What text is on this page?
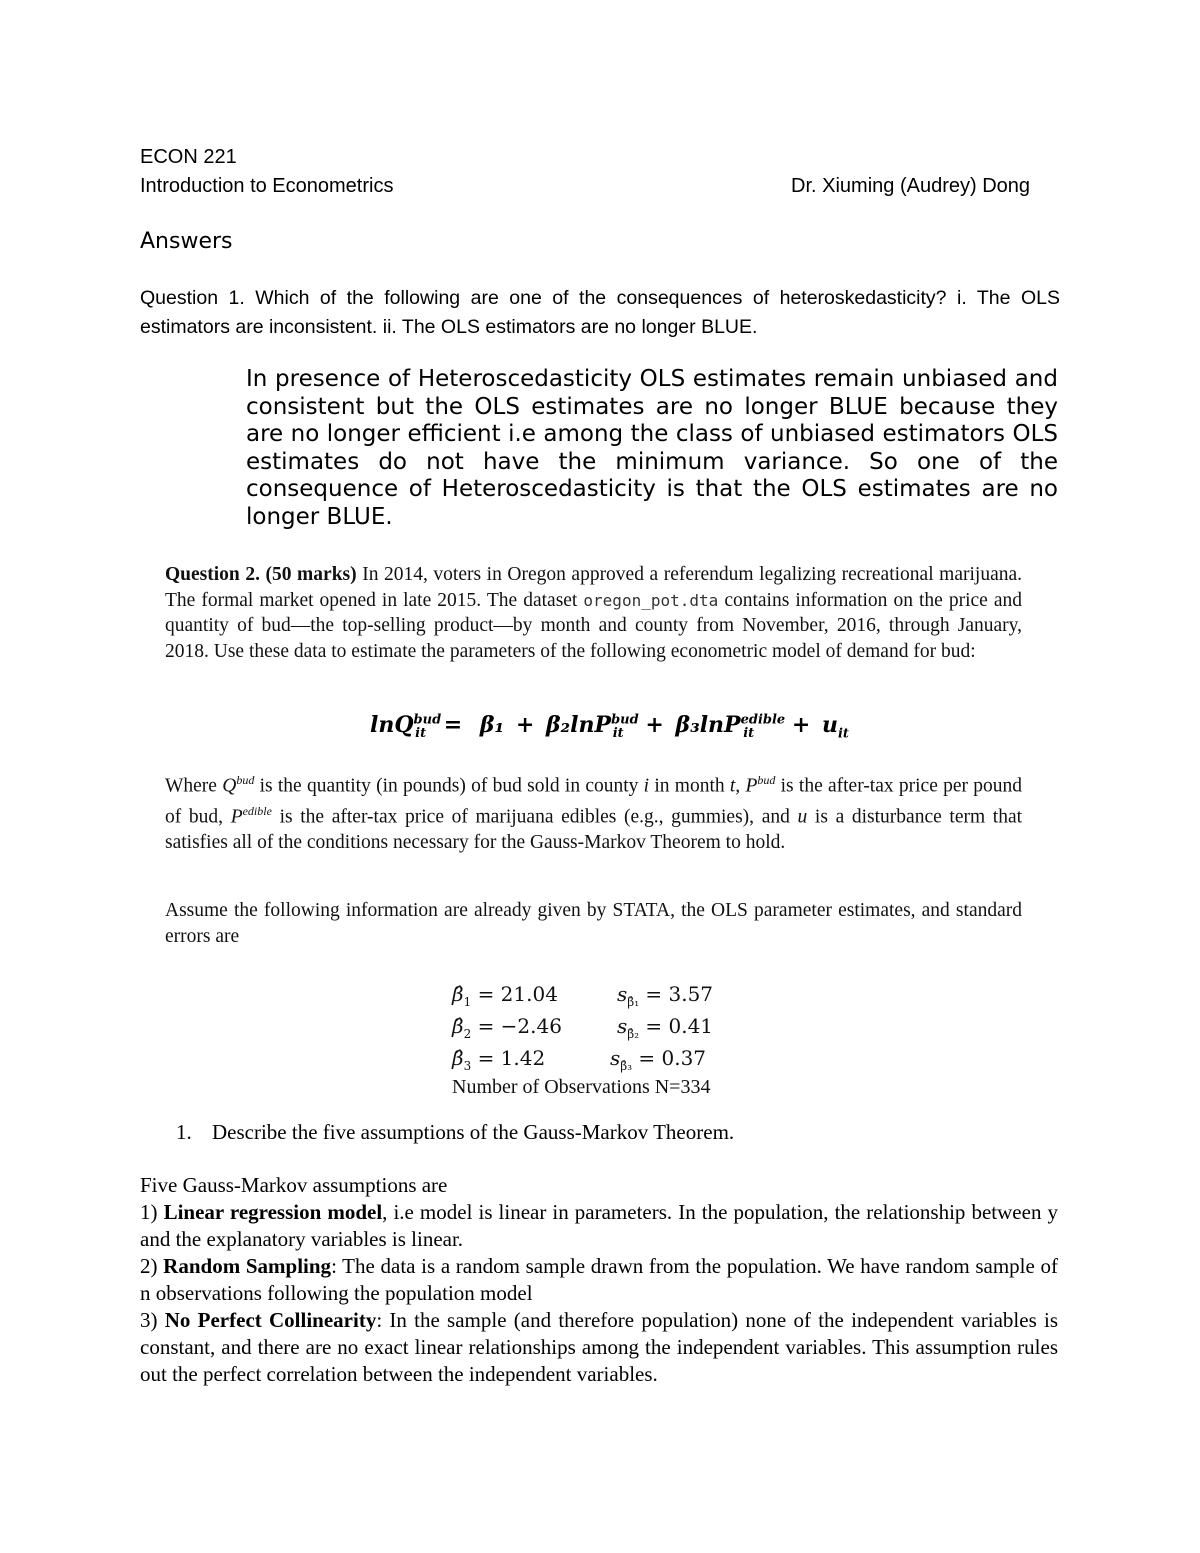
ECON 221
Introduction to Econometrics	Dr. Xiuming (Audrey) Dong
Answers
Question 1. Which of the following are one of the consequences of heteroskedasticity? i. The OLS estimators are inconsistent. ii. The OLS estimators are no longer BLUE.
In presence of Heteroscedasticity OLS estimates remain unbiased and consistent but the OLS estimates are no longer BLUE because they are no longer efficient i.e among the class of unbiased estimators OLS estimates do not have the minimum variance. So one of the consequence of Heteroscedasticity is that the OLS estimates are no longer BLUE.
Question 2. (50 marks) In 2014, voters in Oregon approved a referendum legalizing recreational marijuana. The formal market opened in late 2015. The dataset oregon_pot.dta contains information on the price and quantity of bud—the top-selling product—by month and county from November, 2016, through January, 2018. Use these data to estimate the parameters of the following econometric model of demand for bud:
$\ln Q^{bud}_{it} = \beta_1 + \beta_2\ln P^{bud}_{it} + \beta_3\ln P^{edible}_{it} + u_{it}$
Where $Q^{bud}$ is the quantity (in pounds) of bud sold in county i in month t, $P^{bud}$ is the after-tax price per pound of bud, $P^{edible}$ is the after-tax price of marijuana edibles (e.g., gummies), and u is a disturbance term that satisfies all of the conditions necessary for the Gauss-Markov Theorem to hold.
Assume the following information are already given by STATA, the OLS parameter estimates, and standard errors are
$\betâ_1 = 21.04$	$s_{\betâ_1} = 3.57$
$\betâ_2 = -2.46$	$s_{\betâ_2} = 0.41$
$\betâ_3 = 1.42$	$s_{\betâ_3} = 0.37$
Number of Observations N=334
1. Describe the five assumptions of the Gauss-Markov Theorem.

Five Gauss-Markov assumptions are

1) Linear regression model, i.e model is linear in parameters. In the population, the relationship between y and the explanatory variables is linear.

2) Random Sampling: The data is a random sample drawn from the population. We have random sample of n observations following the population model

3) No Perfect Collinearity: In the sample (and therefore population) none of the independent variables is constant, and there are no exact linear relationships among the independent variables. This assumption rules out the perfect correlation between the independent variables.
